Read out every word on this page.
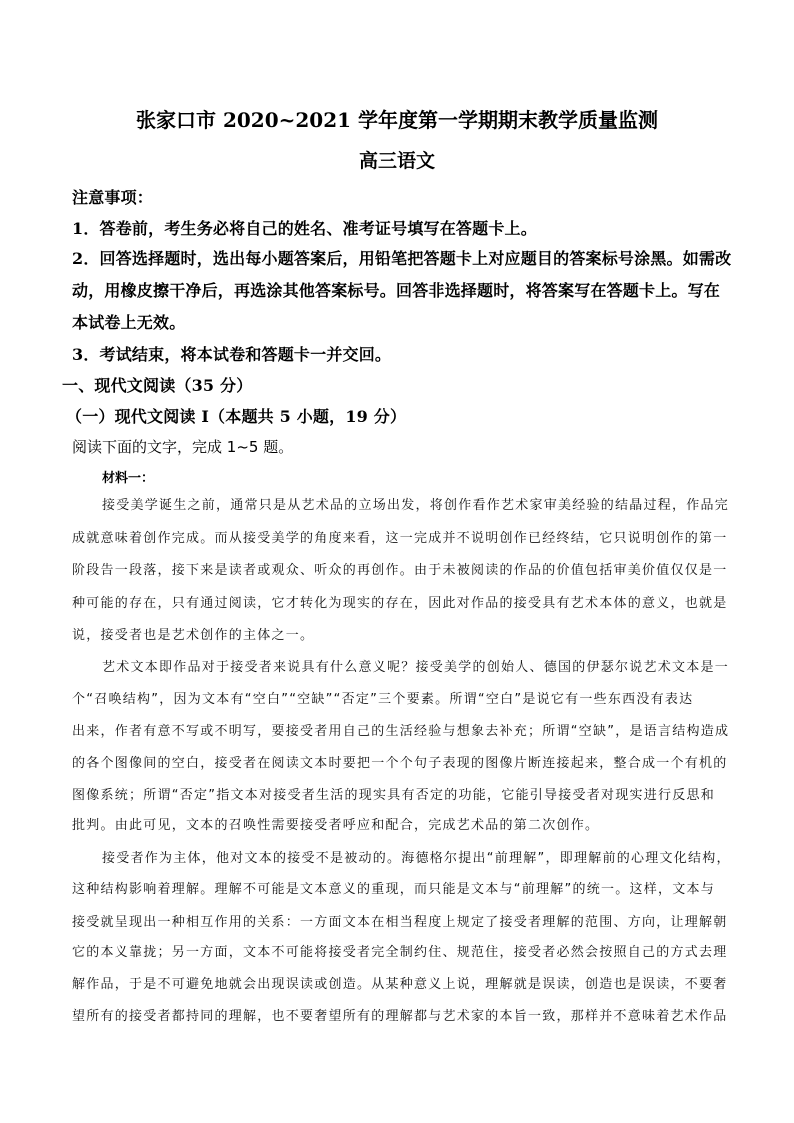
张家口市 2020~2021 学年度第一学期期末教学质量监测
高三语文
注意事项：
1．答卷前，考生务必将自己的姓名、准考证号填写在答题卡上。
2．回答选择题时，选出每小题答案后，用铅笔把答题卡上对应题目的答案标号涂黑。如需改
动，用橡皮擦干净后，再选涂其他答案标号。回答非选择题时，将答案写在答题卡上。写在
本试卷上无效。
3．考试结束，将本试卷和答题卡一并交回。
一、现代文阅读（35 分）
（一）现代文阅读 I（本题共 5 小题，19 分）
阅读下面的文字，完成 1~5 题。
材料一：
接受美学诞生之前，通常只是从艺术品的立场出发，将创作看作艺术家审美经验的结晶过程，作品完
成就意味着创作完成。而从接受美学的角度来看，这一完成并不说明创作已经终结，它只说明创作的第一
阶段告一段落，接下来是读者或观众、听众的再创作。由于未被阅读的作品的价值包括审美价值仅仅是一
种可能的存在，只有通过阅读，它才转化为现实的存在，因此对作品的接受具有艺术本体的意义，也就是
说，接受者也是艺术创作的主体之一。
艺术文本即作品对于接受者来说具有什么意义呢？接受美学的创始人、德国的伊瑟尔说艺术文本是一
个“召唤结构”，因为文本有“空白”“空缺”“否定”三个要素。所谓“空白”是说它有一些东西没有表达
出来，作者有意不写或不明写，要接受者用自己的生活经验与想象去补充；所谓“空缺”，是语言结构造成
的各个图像间的空白，接受者在阅读文本时要把一个个句子表现的图像片断连接起来，整合成一个有机的
图像系统；所谓“否定”指文本对接受者生活的现实具有否定的功能，它能引导接受者对现实进行反思和
批判。由此可见，文本的召唤性需要接受者呼应和配合，完成艺术品的第二次创作。
接受者作为主体，他对文本的接受不是被动的。海德格尔提出“前理解”，即理解前的心理文化结构，
这种结构影响着理解。理解不可能是文本意义的重现，而只能是文本与“前理解”的统一。这样，文本与
接受就呈现出一种相互作用的关系：一方面文本在相当程度上规定了接受者理解的范围、方向，让理解朝
它的本义靠拢；另一方面，文本不可能将接受者完全制约住、规范住，接受者必然会按照自己的方式去理
解作品，于是不可避免地就会出现误读或创造。从某种意义上说，理解就是误读，创造也是误读，不要奢
望所有的接受者都持同的理解，也不要奢望所有的理解都与艺术家的本旨一致，那样并不意味着艺术作品
